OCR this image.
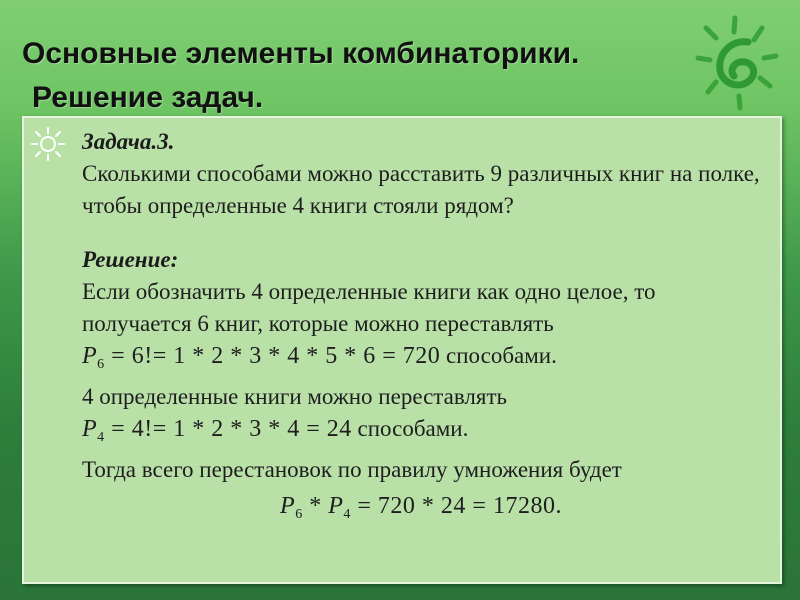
Основные элементы комбинаторики.
Решение задач.
Задача.3.
Сколькими способами можно расставить 9 различных книг на полке, чтобы определенные 4 книги стояли рядом?
Решение:
Если обозначить 4 определенные книги как одно целое, то получается 6 книг, которые можно переставлять
$P_6 = 6!= 1 * 2 * 3 * 4 * 5 * 6 = 720$ способами.
4 определенные книги можно переставлять
$P_4 = 4!= 1 * 2 * 3 * 4 = 24$ способами.
Тогда всего перестановок по правилу умножения будет
$P_6 * P_4 = 720 * 24 = 17280$.
